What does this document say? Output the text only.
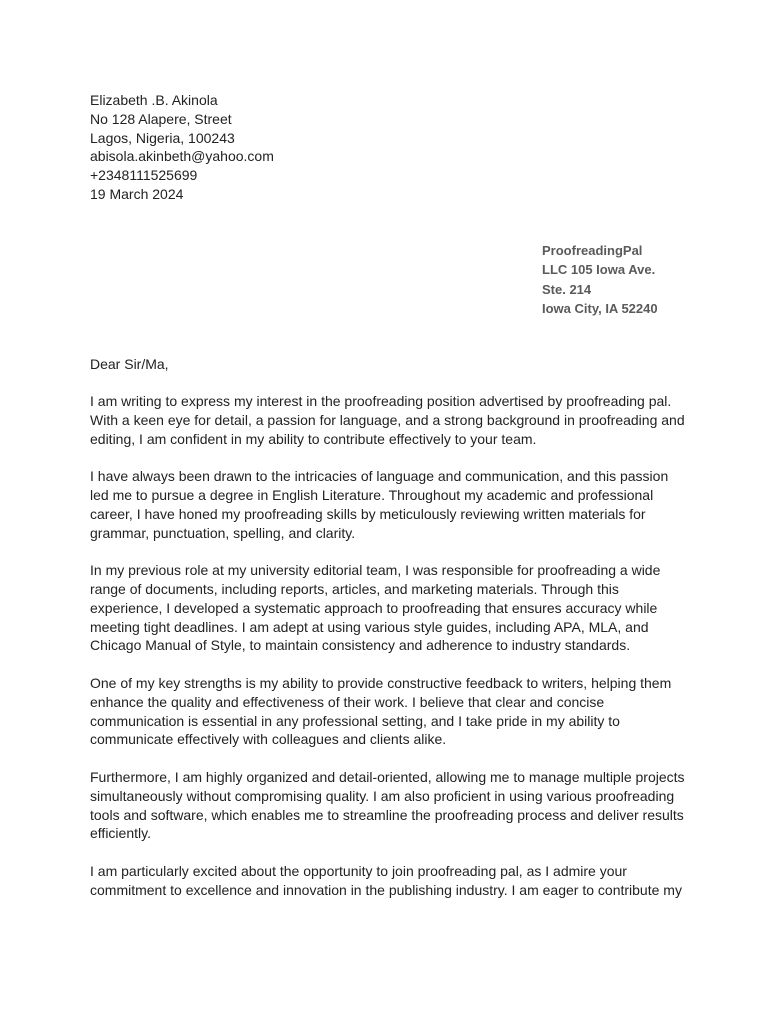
Elizabeth .B. Akinola
No 128 Alapere, Street
Lagos, Nigeria, 100243
abisola.akinbeth@yahoo.com
+2348111525699
19 March 2024
ProofreadingPal
LLC 105 Iowa Ave.
Ste. 214
Iowa City, IA 52240
Dear Sir/Ma,
I am writing to express my interest in the proofreading position advertised by proofreading pal.
With a keen eye for detail, a passion for language, and a strong background in proofreading and
editing, I am confident in my ability to contribute effectively to your team.
I have always been drawn to the intricacies of language and communication, and this passion
led me to pursue a degree in English Literature. Throughout my academic and professional
career, I have honed my proofreading skills by meticulously reviewing written materials for
grammar, punctuation, spelling, and clarity.
In my previous role at my university editorial team, I was responsible for proofreading a wide
range of documents, including reports, articles, and marketing materials. Through this
experience, I developed a systematic approach to proofreading that ensures accuracy while
meeting tight deadlines. I am adept at using various style guides, including APA, MLA, and
Chicago Manual of Style, to maintain consistency and adherence to industry standards.
One of my key strengths is my ability to provide constructive feedback to writers, helping them
enhance the quality and effectiveness of their work. I believe that clear and concise
communication is essential in any professional setting, and I take pride in my ability to
communicate effectively with colleagues and clients alike.
Furthermore, I am highly organized and detail-oriented, allowing me to manage multiple projects
simultaneously without compromising quality. I am also proficient in using various proofreading
tools and software, which enables me to streamline the proofreading process and deliver results
efficiently.
I am particularly excited about the opportunity to join proofreading pal, as I admire your
commitment to excellence and innovation in the publishing industry. I am eager to contribute my
